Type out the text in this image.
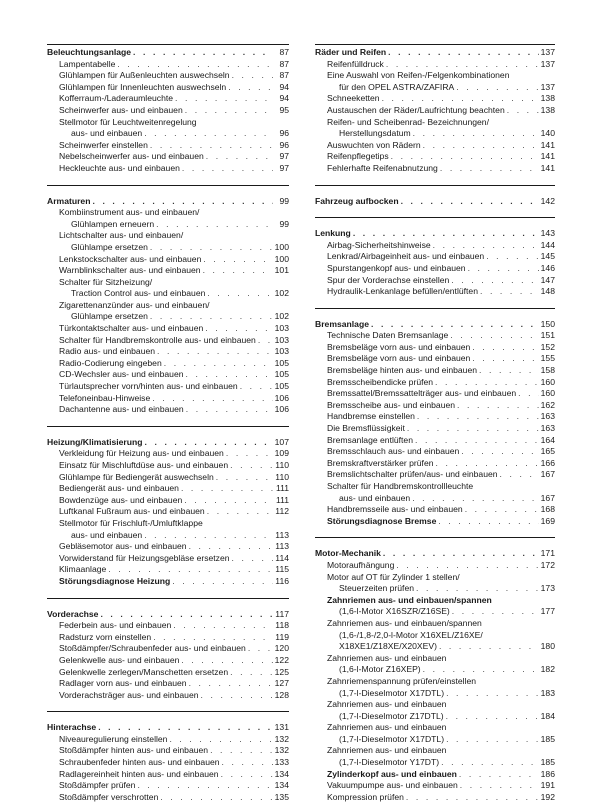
Beleuchtungsanlage . . .	87
Lampentabelle . . .	87
Glühlampen für Außenleuchten auswechseln . . .	87
Glühlampen für Innenleuchten auswechseln . . .	94
Kofferraum-/Laderaumleuchte . . .	94
Scheinwerfer aus- und einbauen . . .	95
Stellmotor für Leuchtweitenregelung
aus- und einbauen . . .	96
Scheinwerfer einstellen . . .	96
Nebelscheinwerfer aus- und einbauen . . .	97
Heckleuchte aus- und einbauen . . .	97
Armaturen . . .	99
Kombiinstrument aus- und einbauen/
Glühlampen erneuern . . .	99
Lichtschalter aus- und einbauen/
Glühlampe ersetzen . . .	100
Lenkstockschalter aus- und einbauen . . .	100
Warnblinkschalter aus- und einbauen . . .	101
Schalter für Sitzheizung/
Traction Control aus- und einbauen . . .	102
Zigarettenanzünder aus- und einbauen/
Glühlampe ersetzen . . .	102
Türkontaktschalter aus- und einbauen . . .	103
Schalter für Handbremskontrolle aus- und einbauen . . . 103
Radio aus- und einbauen . . .	103
Radio-Codierung eingeben . . .	105
CD-Wechsler aus- und einbauen . . .	105
Türlautsprecher vorn/hinten aus- und einbauen . . .	105
Telefoneinbau-Hinweise . . .	106
Dachantenne aus- und einbauen . . .	106
Heizung/Klimatisierung . . .	107
Verkleidung für Heizung aus- und einbauen . . .	109
Einsatz für Mischluftdüse aus- und einbauen . . .	110
Glühlampe für Bediengerät auswechseln . . .	110
Bediengerät aus- und einbauen . . .	111
Bowdenzüge aus- und einbauen . . .	111
Luftkanal Fußraum aus- und einbauen . . .	112
Stellmotor für Frischluft-/Umluftklappe
aus- und einbauen . . .	113
Gebläsemotor aus- und einbauen . . .	113
Vorwiderstand für Heizungsgebläse ersetzen . . .	114
Klimaanlage . . .	115
Störungsdiagnose Heizung . . .	116
Vorderachse . . .	117
Federbein aus- und einbauen . . .	118
Radsturz vorn einstellen . . .	119
Stoßdämpfer/Schraubenfeder aus- und einbauen . . .	120
Gelenkwelle aus- und einbauen . . .	122
Gelenkwelle zerlegen/Manschetten ersetzen . . .	125
Radlager vorn aus- und einbauen . . .	127
Vorderachsträger aus- und einbauen . . .	128
Hinterachse . . .	131
Niveauregulierung einstellen . . .	132
Stoßdämpfer hinten aus- und einbauen . . .	132
Schraubenfeder hinten aus- und einbauen . . .	133
Radlagereinheit hinten aus- und einbauen . . .	134
Stoßdämpfer prüfen . . .	134
Stoßdämpfer verschrotten . . .	135
Räder und Reifen . . .	137
Reifenfülldruck . . .	137
Eine Auswahl von Reifen-/Felgenkombinationen
für den OPEL ASTRA/ZAFIRA . . .	137
Schneeketten . . .	138
Austauschen der Räder/Laufrichtung beachten . . .	138
Reifen- und Scheibenrad- Bezeichnungen/
Herstellungsdatum . . .	140
Auswuchten von Rädern . . .	141
Reifenpflegetips . . .	141
Fehlerhafte Reifenabnutzung . . .	141
Fahrzeug aufbocken . . .	142
Lenkung . . .	143
Airbag-Sicherheitshinweise . . .	144
Lenkrad/Airbageinheit aus- und einbauen . . .	145
Spurstangenkopf aus- und einbauen . . .	146
Spur der Vorderachse einstellen . . .	147
Hydraulik-Lenkanlage befüllen/entlüften . . .	148
Bremsanlage . . .	150
Technische Daten Bremsanlage . . .	151
Bremsbeläge vorn aus- und einbauen . . .	152
Bremsbeläge vorn aus- und einbauen . . .	155
Bremsbeläge hinten aus- und einbauen . . .	158
Bremsscheibendicke prüfen . . .	160
Bremssattel/Bremssattelträger aus- und einbauen . . .	160
Bremsscheibe aus- und einbauen . . .	162
Handbremse einstellen . . .	163
Die Bremsflüssigkeit . . .	163
Bremsanlage entlüften . . .	164
Bremsschlauch aus- und einbauen . . .	165
Bremskraftverstärker prüfen . . .	166
Bremslichtschalter prüfen/aus- und einbauen . . .	167
Schalter für Handbremskontrollleuchte
aus- und einbauen . . .	167
Handbremsseile aus- und einbauen . . .	168
Störungsdiagnose Bremse . . .	169
Motor-Mechanik . . .	171
Motoraufhängung . . .	172
Motor auf OT für Zylinder 1 stellen/
Steuerzeiten prüfen . . .	173
Zahnriemen aus- und einbauen/spannen
(1,6-l-Motor X16SZR/Z16SE) . . .	177
Zahnriemen aus- und einbauen/spannen
(1,6-/1,8-/2,0-l-Motor X16XEL/Z16XE/
X18XE1/Z18XE/X20XEV) . . .	180
Zahnriemen aus- und einbauen
(1,6-l-Motor Z16XEP) . . .	182
Zahnriemenspannung prüfen/einstellen
(1,7-l-Dieselmotor X17DTL) . . .	183
Zahnriemen aus- und einbauen
(1,7-l-Dieselmotor Z17DTL) . . .	184
Zahnriemen aus- und einbauen
(1,7-l-Dieselmotor X17DTL) . . .	185
Zahnriemen aus- und einbauen
(1,7-l-Dieselmotor Y17DT) . . .	185
Zylinderkopf aus- und einbauen . . .	186
Vakuumpumpe aus- und einbauen . . .	191
Kompression prüfen . . .	192
